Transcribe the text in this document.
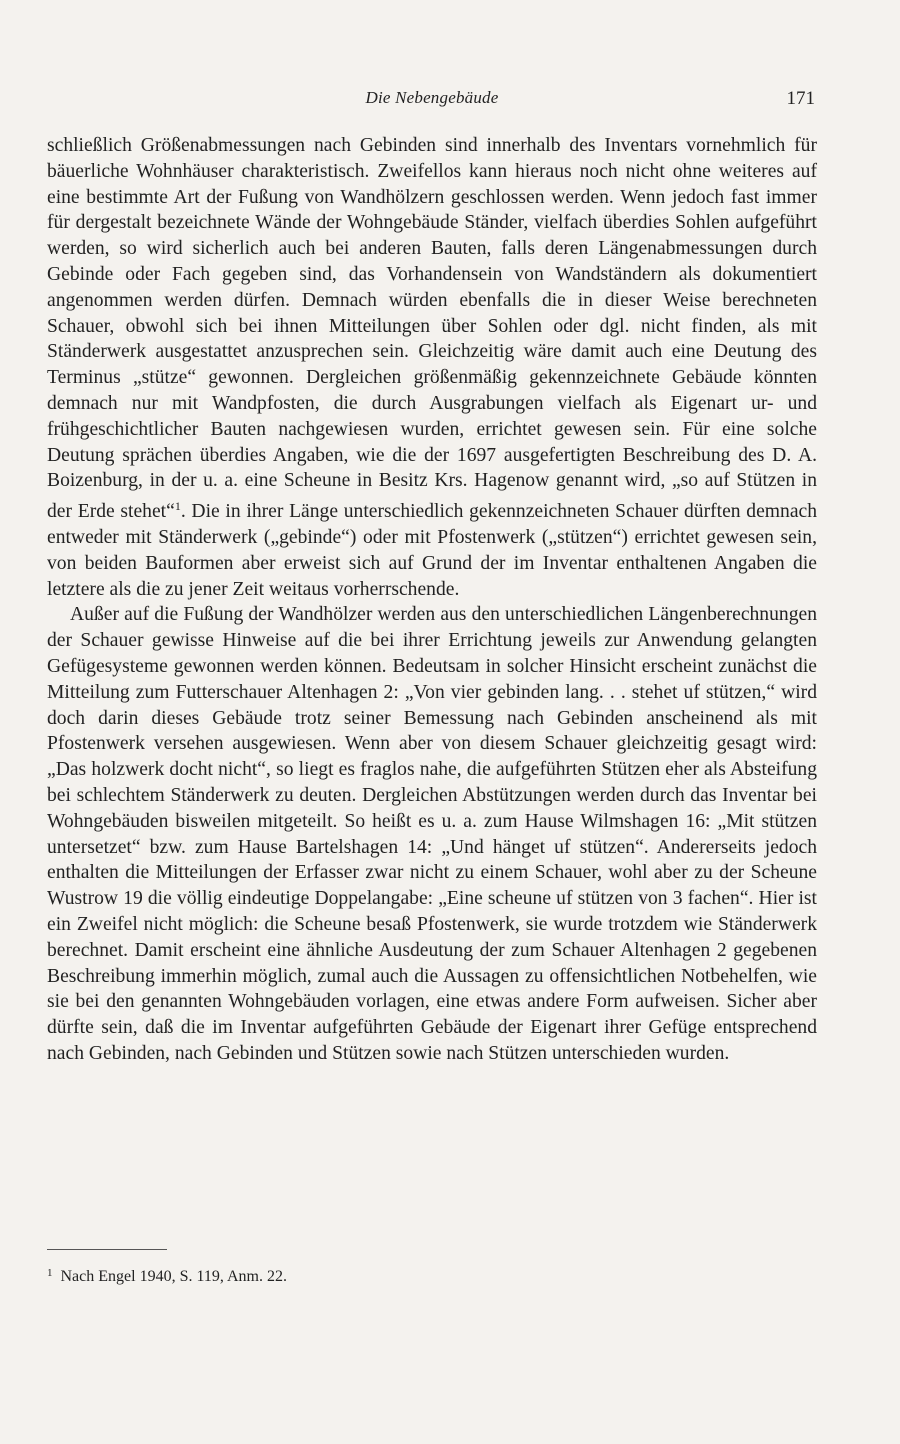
Die Nebengebäude	171

schließlich Größenabmessungen nach Gebinden sind innerhalb des Inventars vornehmlich für bäuerliche Wohnhäuser charakteristisch. Zweifellos kann hieraus noch nicht ohne weiteres auf eine bestimmte Art der Fußung von Wandhölzern geschlossen werden. Wenn jedoch fast immer für dergestalt bezeichnete Wände der Wohngebäude Ständer, vielfach überdies Sohlen aufgeführt werden, so wird sicherlich auch bei anderen Bauten, falls deren Längenabmessungen durch Gebinde oder Fach gegeben sind, das Vorhandensein von Wandständern als dokumentiert angenommen werden dürfen. Demnach würden ebenfalls die in dieser Weise berechneten Schauer, obwohl sich bei ihnen Mitteilungen über Sohlen oder dgl. nicht finden, als mit Ständerwerk ausgestattet anzusprechen sein. Gleichzeitig wäre damit auch eine Deutung des Terminus „stütze“ gewonnen. Dergleichen größenmäßig gekennzeichnete Gebäude könnten demnach nur mit Wandpfosten, die durch Ausgrabungen vielfach als Eigenart ur- und frühgeschichtlicher Bauten nachgewiesen wurden, errichtet gewesen sein. Für eine solche Deutung sprächen überdies Angaben, wie die der 1697 ausgefertigten Beschreibung des D. A. Boizenburg, in der u. a. eine Scheune in Besitz Krs. Hagenow genannt wird, „so auf Stützen in der Erde stehet“$^1$. Die in ihrer Länge unterschiedlich gekennzeichneten Schauer dürften demnach entweder mit Ständerwerk („gebinde“) oder mit Pfostenwerk („stützen“) errichtet gewesen sein, von beiden Bauformen aber erweist sich auf Grund der im Inventar enthaltenen Angaben die letztere als die zu jener Zeit weitaus vorherrschende.

Außer auf die Fußung der Wandhölzer werden aus den unterschiedlichen Längenberechnungen der Schauer gewisse Hinweise auf die bei ihrer Errichtung jeweils zur Anwendung gelangten Gefügesysteme gewonnen werden können. Bedeutsam in solcher Hinsicht erscheint zunächst die Mitteilung zum Futterschauer Altenhagen 2: „Von vier gebinden lang. . . stehet uf stützen,“ wird doch darin dieses Gebäude trotz seiner Bemessung nach Gebinden anscheinend als mit Pfostenwerk versehen ausgewiesen. Wenn aber von diesem Schauer gleichzeitig gesagt wird: „Das holzwerk docht nicht“, so liegt es fraglos nahe, die aufgeführten Stützen eher als Absteifung bei schlechtem Ständerwerk zu deuten. Dergleichen Abstützungen werden durch das Inventar bei Wohngebäuden bisweilen mitgeteilt. So heißt es u. a. zum Hause Wilmshagen 16: „Mit stützen untersetzet“ bzw. zum Hause Bartelshagen 14: „Und hänget uf stützen“. Andererseits jedoch enthalten die Mitteilungen der Erfasser zwar nicht zu einem Schauer, wohl aber zu der Scheune Wustrow 19 die völlig eindeutige Doppelangabe: „Eine scheune uf stützen von 3 fachen“. Hier ist ein Zweifel nicht möglich: die Scheune besaß Pfostenwerk, sie wurde trotzdem wie Ständerwerk berechnet. Damit erscheint eine ähnliche Ausdeutung der zum Schauer Altenhagen 2 gegebenen Beschreibung immerhin möglich, zumal auch die Aussagen zu offensichtlichen Notbehelfen, wie sie bei den genannten Wohngebäuden vorlagen, eine etwas andere Form aufweisen. Sicher aber dürfte sein, daß die im Inventar aufgeführten Gebäude der Eigenart ihrer Gefüge entsprechend nach Gebinden, nach Gebinden und Stützen sowie nach Stützen unterschieden wurden.

$^1$ Nach Engel 1940, S. 119, Anm. 22.
